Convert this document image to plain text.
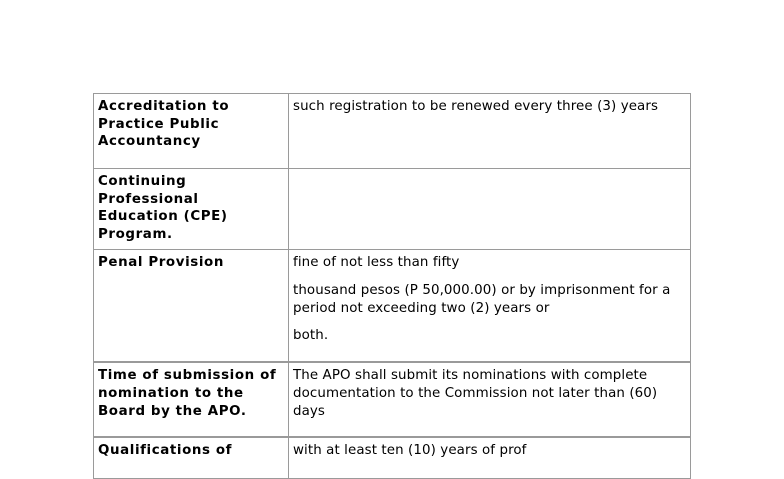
Accreditation to Practice Public Accountancy	such registration to be renewed every three (3) years

Continuing Professional Education (CPE) Program.	
Penal Provision	fine of not less than fifty

thousand pesos (P 50,000.00) or by imprisonment for a period not exceeding two (2) years or

both.

Time of submission of nomination to the Board by the APO.	The APO shall submit its nominations with complete documentation to the Commission not later than (60) days

Qualifications of	with at least ten (10) years of prof
